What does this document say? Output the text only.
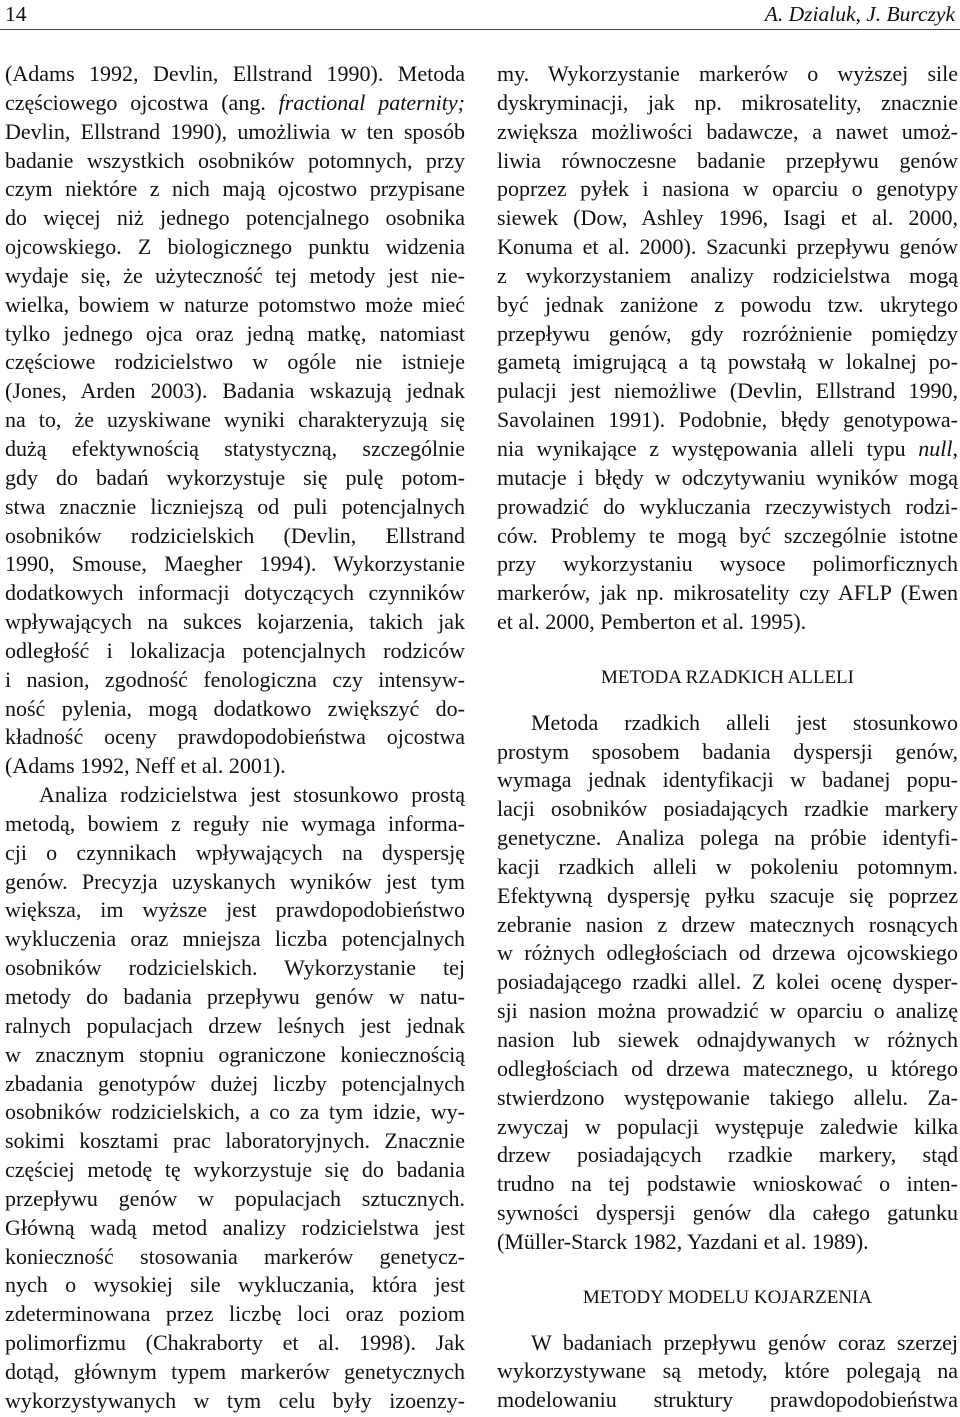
14	A. Dzialuk, J. Burczyk
(Adams 1992, Devlin, Ellstrand 1990). Metoda
częściowego ojcostwa (ang. fractional paternity;
Devlin, Ellstrand 1990), umożliwia w ten sposób
badanie wszystkich osobników potomnych, przy
czym niektóre z nich mają ojcostwo przypisane
do więcej niż jednego potencjalnego osobnika
ojcowskiego. Z biologicznego punktu widzenia
wydaje się, że użyteczność tej metody jest nie-
wielka, bowiem w naturze potomstwo może mieć
tylko jednego ojca oraz jedną matkę, natomiast
częściowe rodzicielstwo w ogóle nie istnieje
(Jones, Arden 2003). Badania wskazują jednak
na to, że uzyskiwane wyniki charakteryzują się
dużą efektywnością statystyczną, szczególnie
gdy do badań wykorzystuje się pulę potom-
stwa znacznie liczniejszą od puli potencjalnych
osobników rodzicielskich (Devlin, Ellstrand
1990, Smouse, Maegher 1994). Wykorzystanie
dodatkowych informacji dotyczących czynników
wpływających na sukces kojarzenia, takich jak
odległość i lokalizacja potencjalnych rodziców
i nasion, zgodność fenologiczna czy intensyw-
ność pylenia, mogą dodatkowo zwiększyć do-
kładność oceny prawdopodobieństwa ojcostwa
(Adams 1992, Neff et al. 2001).
Analiza rodzicielstwa jest stosunkowo prostą
metodą, bowiem z reguły nie wymaga informa-
cji o czynnikach wpływających na dyspersję
genów. Precyzja uzyskanych wyników jest tym
większa, im wyższe jest prawdopodobieństwo
wykluczenia oraz mniejsza liczba potencjalnych
osobników rodzicielskich. Wykorzystanie tej
metody do badania przepływu genów w natu-
ralnych populacjach drzew leśnych jest jednak
w znacznym stopniu ograniczone koniecznością
zbadania genotypów dużej liczby potencjalnych
osobników rodzicielskich, a co za tym idzie, wy-
sokimi kosztami prac laboratoryjnych. Znacznie
częściej metodę tę wykorzystuje się do badania
przepływu genów w populacjach sztucznych.
Główną wadą metod analizy rodzicielstwa jest
konieczność stosowania markerów genetycz-
nych o wysokiej sile wykluczania, która jest
zdeterminowana przez liczbę loci oraz poziom
polimorfizmu (Chakraborty et al. 1998). Jak
dotąd, głównym typem markerów genetycznych
wykorzystywanych w tym celu były izoenzy-
my. Wykorzystanie markerów o wyższej sile
dyskryminacji, jak np. mikrosatelity, znacznie
zwiększa możliwości badawcze, a nawet umoż-
liwia równoczesne badanie przepływu genów
poprzez pyłek i nasiona w oparciu o genotypy
siewek (Dow, Ashley 1996, Isagi et al. 2000,
Konuma et al. 2000). Szacunki przepływu genów
z wykorzystaniem analizy rodzicielstwa mogą
być jednak zaniżone z powodu tzw. ukrytego
przepływu genów, gdy rozróżnienie pomiędzy
gametą imigrującą a tą powstałą w lokalnej po-
pulacji jest niemożliwe (Devlin, Ellstrand 1990,
Savolainen 1991). Podobnie, błędy genotypowa-
nia wynikające z występowania alleli typu null,
mutacje i błędy w odczytywaniu wyników mogą
prowadzić do wykluczania rzeczywistych rodzi-
ców. Problemy te mogą być szczególnie istotne
przy wykorzystaniu wysoce polimorficznych
markerów, jak np. mikrosatelity czy AFLP (Ewen
et al. 2000, Pemberton et al. 1995).
METODA RZADKICH ALLELI
Metoda rzadkich alleli jest stosunkowo
prostym sposobem badania dyspersji genów,
wymaga jednak identyfikacji w badanej popu-
lacji osobników posiadających rzadkie markery
genetyczne. Analiza polega na próbie identyfi-
kacji rzadkich alleli w pokoleniu potomnym.
Efektywną dyspersję pyłku szacuje się poprzez
zebranie nasion z drzew matecznych rosnących
w różnych odległościach od drzewa ojcowskiego
posiadającego rzadki allel. Z kolei ocenę dysper-
sji nasion można prowadzić w oparciu o analizę
nasion lub siewek odnajdywanych w różnych
odległościach od drzewa matecznego, u którego
stwierdzono występowanie takiego allelu. Za-
zwyczaj w populacji występuje zaledwie kilka
drzew posiadających rzadkie markery, stąd
trudno na tej podstawie wnioskować o inten-
sywności dyspersji genów dla całego gatunku
(Müller-Starck 1982, Yazdani et al. 1989).
METODY MODELU KOJARZENIA
W badaniach przepływu genów coraz szerzej
wykorzystywane są metody, które polegają na
modelowaniu struktury prawdopodobieństwa
